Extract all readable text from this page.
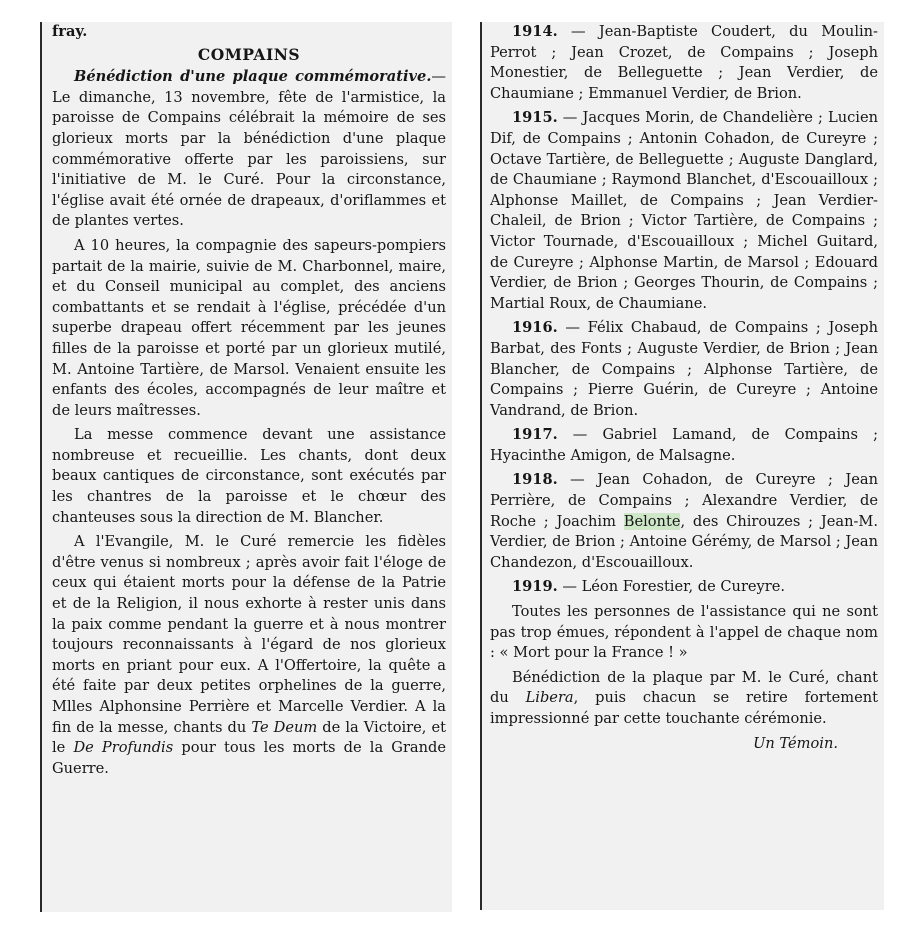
fray.
COMPAINS

Bénédiction d'une plaque commémorative.— Le dimanche, 13 novembre, fête de l'armistice, la paroisse de Compains célébrait la mémoire de ses glorieux morts par la bénédiction d'une plaque commémorative offerte par les paroissiens, sur l'initiative de M. le Curé. Pour la circonstance, l'église avait été ornée de drapeaux, d'oriflammes et de plantes vertes.

A 10 heures, la compagnie des sapeurs-pompiers partait de la mairie, suivie de M. Charbonnel, maire, et du Conseil municipal au complet, des anciens combattants et se rendait à l'église, précédée d'un superbe drapeau offert récemment par les jeunes filles de la paroisse et porté par un glorieux mutilé, M. Antoine Tartière, de Marsol. Venaient ensuite les enfants des écoles, accompagnés de leur maître et de leurs maîtresses.

La messe commence devant une assistance nombreuse et recueillie. Les chants, dont deux beaux cantiques de circonstance, sont exécutés par les chantres de la paroisse et le chœur des chanteuses sous la direction de M. Blancher.

A l'Evangile, M. le Curé remercie les fidèles d'être venus si nombreux ; après avoir fait l'éloge de ceux qui étaient morts pour la défense de la Patrie et de la Religion, il nous exhorte à rester unis dans la paix comme pendant la guerre et à nous montrer toujours reconnaissants à l'égard de nos glorieux morts en priant pour eux. A l'Offertoire, la quête a été faite par deux petites orphelines de la guerre, Mlles Alphonsine Perrière et Marcelle Verdier. A la fin de la messe, chants du Te Deum de la Victoire, et le De Profundis pour tous les morts de la Grande Guerre.

1914. — Jean-Baptiste Coudert, du Moulin-Perrot ; Jean Crozet, de Compains ; Joseph Monestier, de Belleguette ; Jean Verdier, de Chaumiane ; Emmanuel Verdier, de Brion.

1915. — Jacques Morin, de Chandelière ; Lucien Dif, de Compains ; Antonin Cohadon, de Cureyre ; Octave Tartière, de Belleguette ; Auguste Danglard, de Chaumiane ; Raymond Blanchet, d'Escouailloux ; Alphonse Maillet, de Compains ; Jean Verdier-Chaleil, de Brion ; Victor Tartière, de Compains ; Victor Tournade, d'Escouailloux ; Michel Guitard, de Cureyre ; Alphonse Martin, de Marsol ; Edouard Verdier, de Brion ; Georges Thourin, de Compains ; Martial Roux, de Chaumiane.

1916. — Félix Chabaud, de Compains ; Joseph Barbat, des Fonts ; Auguste Verdier, de Brion ; Jean Blancher, de Compains ; Alphonse Tartière, de Compains ; Pierre Guérin, de Cureyre ; Antoine Vandrand, de Brion.

1917. — Gabriel Lamand, de Compains ; Hyacinthe Amigon, de Malsagne.

1918. — Jean Cohadon, de Cureyre ; Jean Perrière, de Compains ; Alexandre Verdier, de Roche ; Joachim Belonte, des Chirouzes ; Jean-M. Verdier, de Brion ; Antoine Gérémy, de Marsol ; Jean Chandezon, d'Escouailloux.

1919. — Léon Forestier, de Cureyre.

Toutes les personnes de l'assistance qui ne sont pas trop émues, répondent à l'appel de chaque nom : « Mort pour la France ! »

Bénédiction de la plaque par M. le Curé, chant du Libera, puis chacun se retire fortement impressionné par cette touchante cérémonie.

Un Témoin.
